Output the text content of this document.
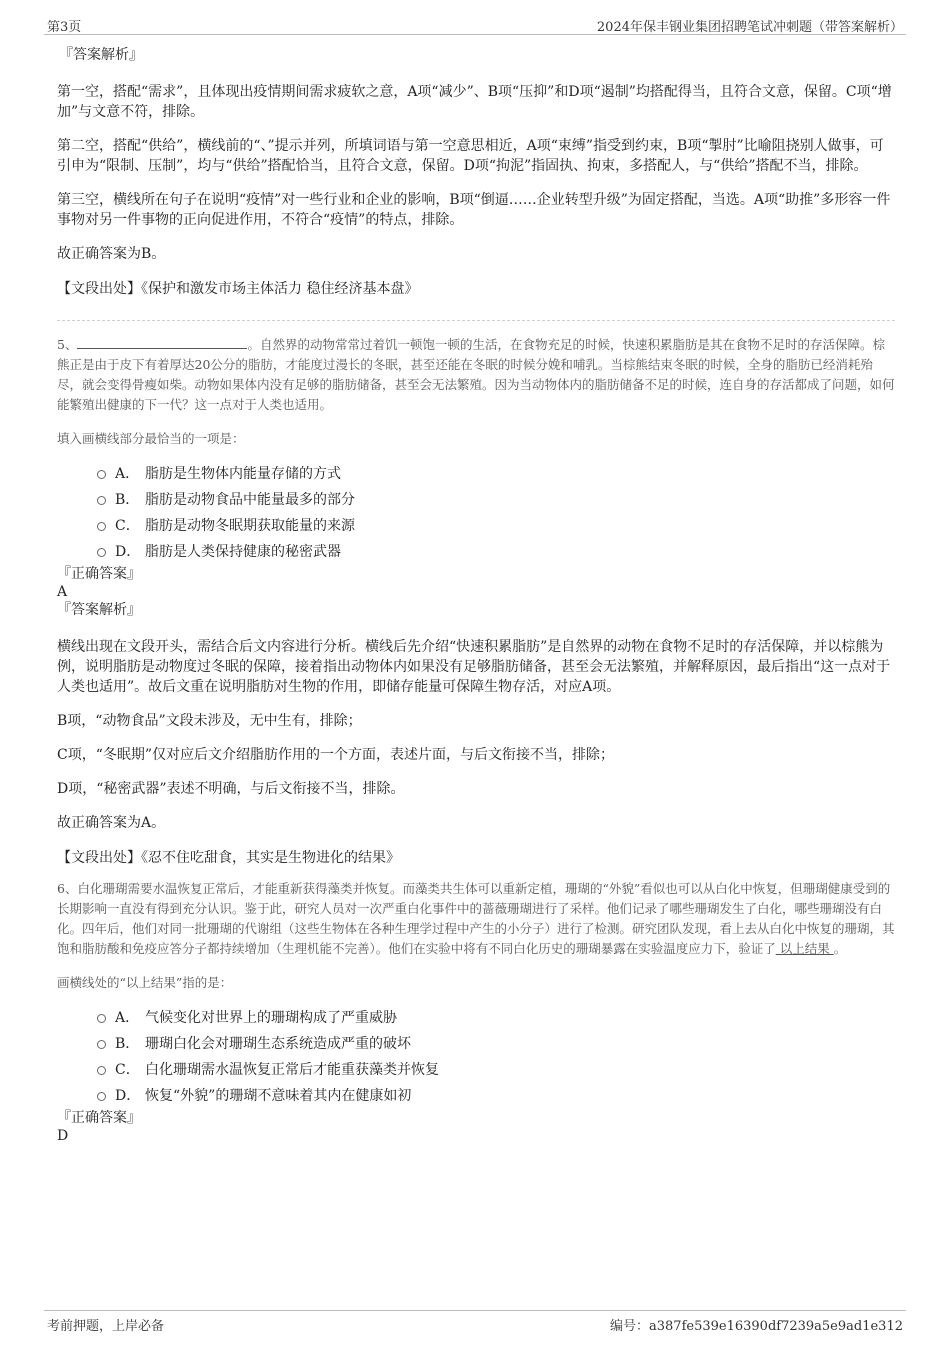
第3页	2024年保丰钢业集团招聘笔试冲刺题（带答案解析）
『答案解析』

第一空，搭配“需求”，且体现出疫情期间需求疲软之意，A项“减少”、B项“压抑”和D项“遏制”均搭配得当，且符合文意，保留。C项“增加”与文意不符，排除。

第二空，搭配“供给”，横线前的“、”提示并列，所填词语与第一空意思相近，A项“束缚”指受到约束，B项“掣肘”比喻阻挠别人做事，可引申为“限制、压制”，均与“供给”搭配恰当，且符合文意，保留。D项“拘泥”指固执、拘束，多搭配人，与“供给”搭配不当，排除。

第三空，横线所在句子在说明“疫情”对一些行业和企业的影响，B项“倒逼……企业转型升级”为固定搭配，当选。A项“助推”多形容一件事物对另一件事物的正向促进作用，不符合“疫情”的特点，排除。

故正确答案为B。

【文段出处】《保护和激发市场主体活力 稳住经济基本盘》

5、	。自然界的动物常常过着饥一顿饱一顿的生活，在食物充足的时候，快速积累脂肪是其在食物不足时的存活保障。棕熊正是由于皮下有着厚达20公分的脂肪，才能度过漫长的冬眠，甚至还能在冬眠的时候分娩和哺乳。当棕熊结束冬眠的时候，全身的脂肪已经消耗殆尽，就会变得骨瘦如柴。动物如果体内没有足够的脂肪储备，甚至会无法繁殖。因为当动物体内的脂肪储备不足的时候，连自身的存活都成了问题，如何能繁殖出健康的下一代？这一点对于人类也适用。

填入画横线部分最恰当的一项是：

A． 脂肪是生物体内能量存储的方式
B． 脂肪是动物食品中能量最多的部分
C． 脂肪是动物冬眠期获取能量的来源
D． 脂肪是人类保持健康的秘密武器
『正确答案』
A
『答案解析』

横线出现在文段开头，需结合后文内容进行分析。横线后先介绍“快速积累脂肪”是自然界的动物在食物不足时的存活保障，并以棕熊为例，说明脂肪是动物度过冬眠的保障，接着指出动物体内如果没有足够脂肪储备，甚至会无法繁殖，并解释原因，最后指出“这一点对于人类也适用”。故后文重在说明脂肪对生物的作用，即储存能量可保障生物存活，对应A项。

B项，“动物食品”文段未涉及，无中生有，排除；

C项，“冬眠期”仅对应后文介绍脂肪作用的一个方面，表述片面，与后文衔接不当，排除；

D项，“秘密武器”表述不明确，与后文衔接不当，排除。

故正确答案为A。

【文段出处】《忍不住吃甜食，其实是生物进化的结果》

6、白化珊瑚需要水温恢复正常后，才能重新获得藻类并恢复。而藻类共生体可以重新定植，珊瑚的“外貌”看似也可以从白化中恢复，但珊瑚健康受到的长期影响一直没有得到充分认识。鉴于此，研究人员对一次严重白化事件中的蔷薇珊瑚进行了采样。他们记录了哪些珊瑚发生了白化，哪些珊瑚没有白化。四年后，他们对同一批珊瑚的代谢组（这些生物体在各种生理学过程中产生的小分子）进行了检测。研究团队发现，看上去从白化中恢复的珊瑚，其饱和脂肪酸和免疫应答分子都持续增加（生理机能不完善）。他们在实验中将有不同白化历史的珊瑚暴露在实验温度应力下，验证了 以上结果 。

画横线处的“以上结果”指的是：

A． 气候变化对世界上的珊瑚构成了严重威胁
B． 珊瑚白化会对珊瑚生态系统造成严重的破坏
C． 白化珊瑚需水温恢复正常后才能重获藻类并恢复
D． 恢复“外貌”的珊瑚不意味着其内在健康如初
『正确答案』
D
考前押题，上岸必备	编号：a387fe539e16390df7239a5e9ad1e312
